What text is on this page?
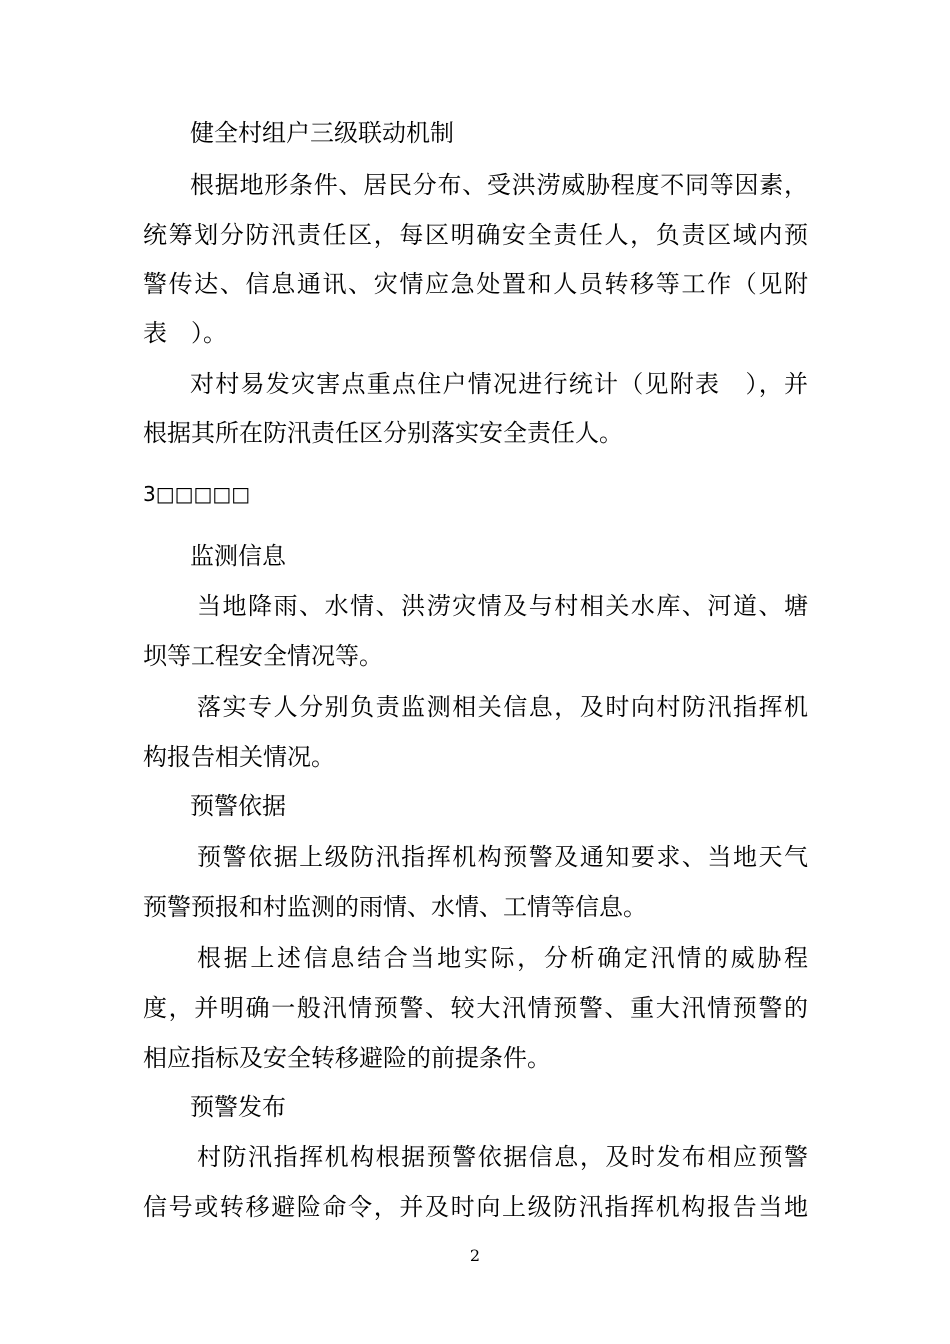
健全村组户三级联动机制
根据地形条件、居民分布、受洪涝威胁程度不同等因素，
统筹划分防汛责任区，每区明确安全责任人，负责区域内预
警传达、信息通讯、灾情应急处置和人员转移等工作（见附
表　）。
对村易发灾害点重点住户情况进行统计（见附表　），并
根据其所在防汛责任区分别落实安全责任人。
3□□□□□
监测信息
当地降雨、水情、洪涝灾情及与村相关水库、河道、塘
坝等工程安全情况等。
落实专人分别负责监测相关信息，及时向村防汛指挥机
构报告相关情况。
预警依据
预警依据上级防汛指挥机构预警及通知要求、当地天气
预警预报和村监测的雨情、水情、工情等信息。
根据上述信息结合当地实际，分析确定汛情的威胁程
度，并明确一般汛情预警、较大汛情预警、重大汛情预警的
相应指标及安全转移避险的前提条件。
预警发布
村防汛指挥机构根据预警依据信息，及时发布相应预警
信号或转移避险命令，并及时向上级防汛指挥机构报告当地
2
